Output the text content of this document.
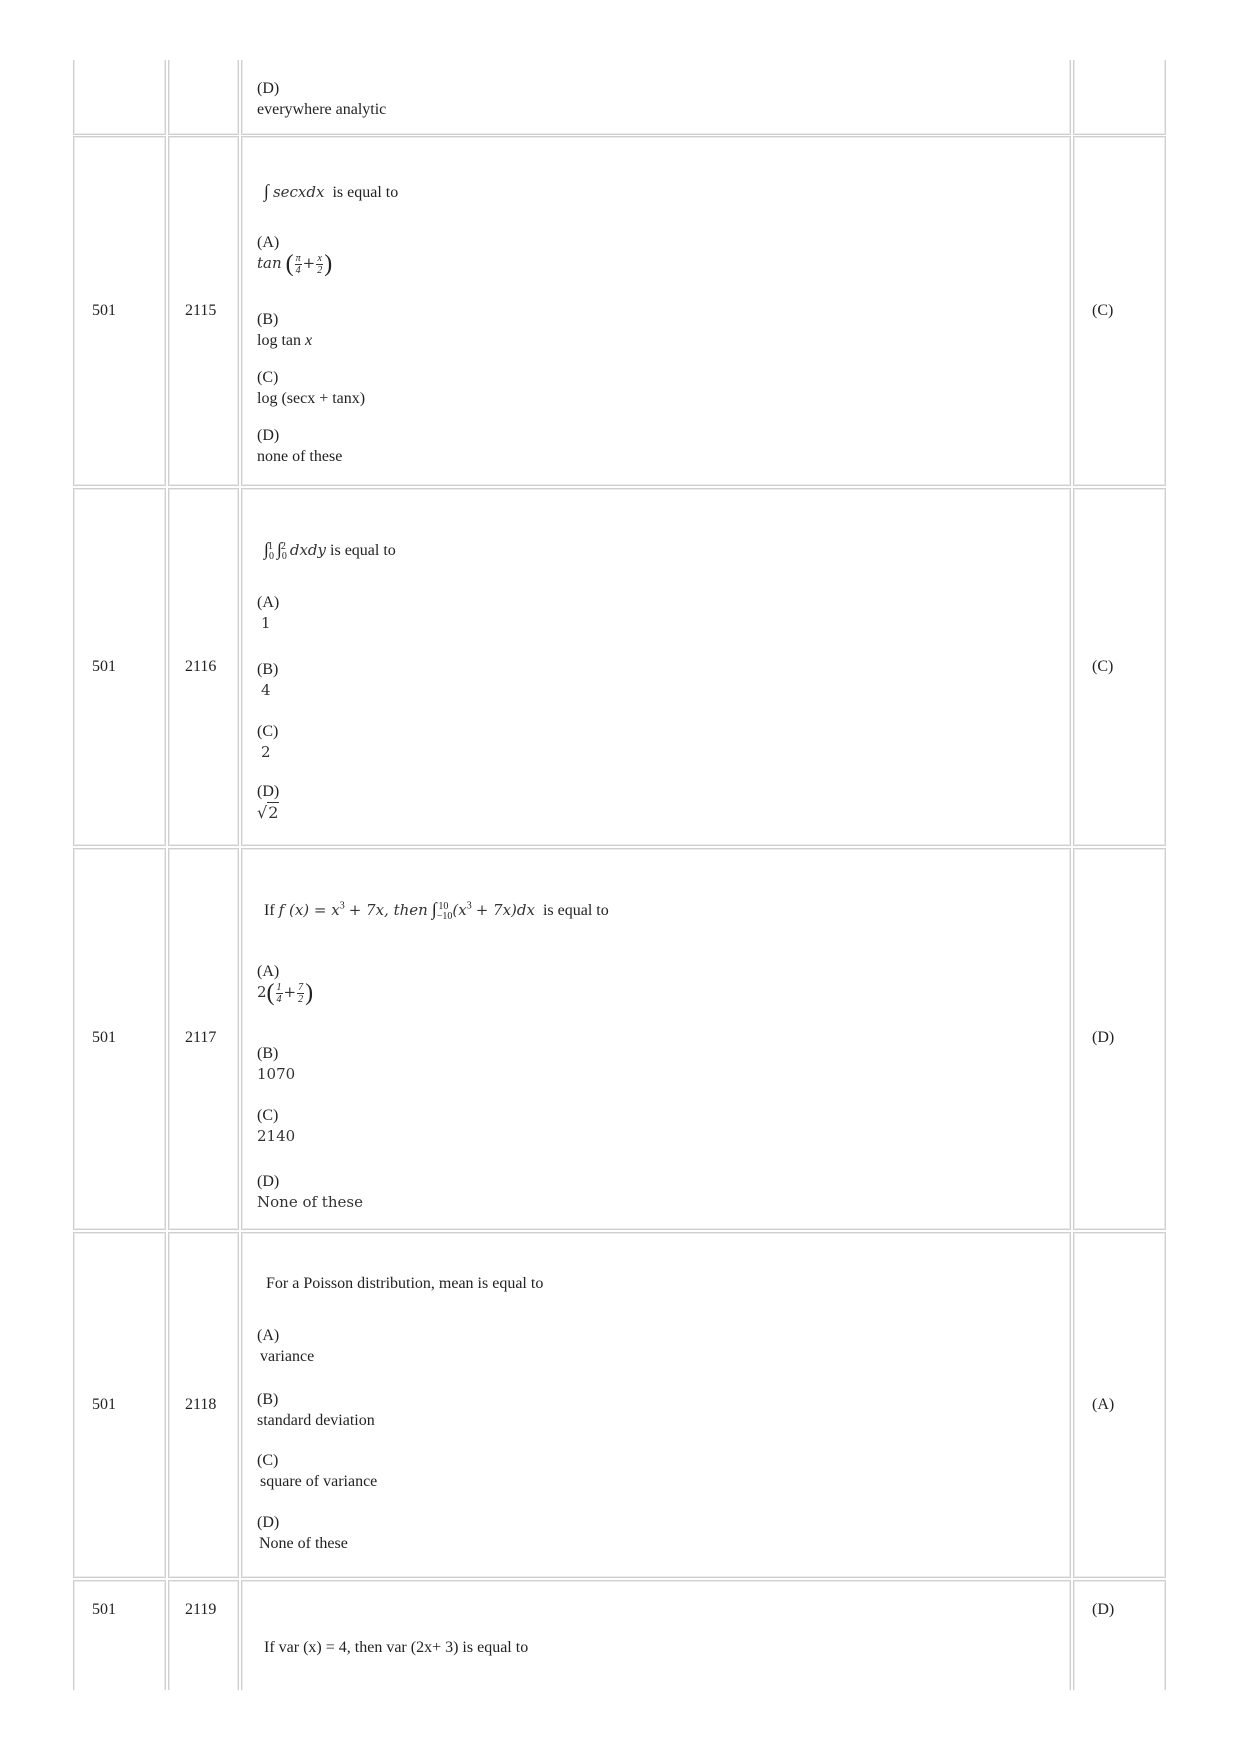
(D)
everywhere analytic
501	2115
∫ secxdx is equal to
(A)
tan ( $\frac{\pi}{4} + \frac{x}{2}$ )
(B)
log tan x
(C)
log (secx + tanx)
(D)
none of these
(C)
501	2116
$\int_0^1$ $\int_0^2$ dxdy is equal to
(A)
1
(B)
4
(C)
2
(D)
√2
(C)
501	2117
If f $(x) = x^3 + 7x$, then $\int_{-10}^{10}$ $(x^3 + 7x)dx$ is equal to
(A)
$2( \frac{1}{4} + \frac{7}{2}$ )
(B)
1070
(C)
2140
(D)
None of these
(D)
501	2118
For a Poisson distribution, mean is equal to
(A)
variance
(B)
standard deviation
(C)
square of variance
(D)
None of these
(A)
501	2119
If var (x) = 4, then var (2x+ 3) is equal to
(D)
